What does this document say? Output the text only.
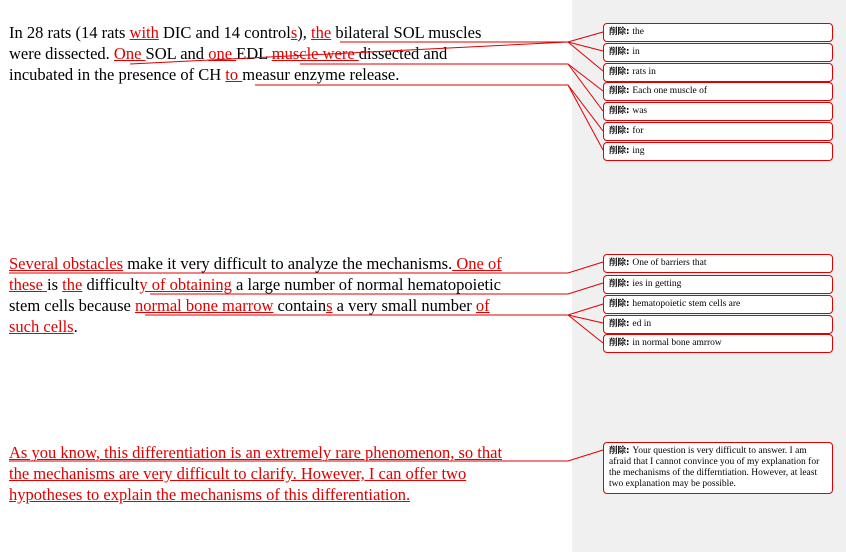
In 28 rats (14 rats with DIC and 14 controls), the bilateral SOL muscles
were dissected. One SOL and one EDL muscle were dissected and
incubated in the presence of CH to measur enzyme release.
Several obstacles make it very difficult to analyze the mechanisms. One of
these is the difficulty of obtaining a large number of normal hematopoietic
stem cells because normal bone marrow contains a very small number of
such cells.
As you know, this differentiation is an extremely rare phenomenon, so that
the mechanisms are very difficult to clarify. However, I can offer two
hypotheses to explain the mechanisms of this differentiation.
削除: the
削除: in
削除: rats in
削除: Each one muscle of
削除: was
削除: for
削除: ing
削除: One of barriers that
削除: ies in getting
削除: hematopoietic stem cells are
削除: ed in
削除: in normal bone amrrow
削除: Your question is very difficult to answer. I am afraid that I cannot convince you of my explanation for the mechanisms of the differntiation. However, at least two explanation may be possible.
